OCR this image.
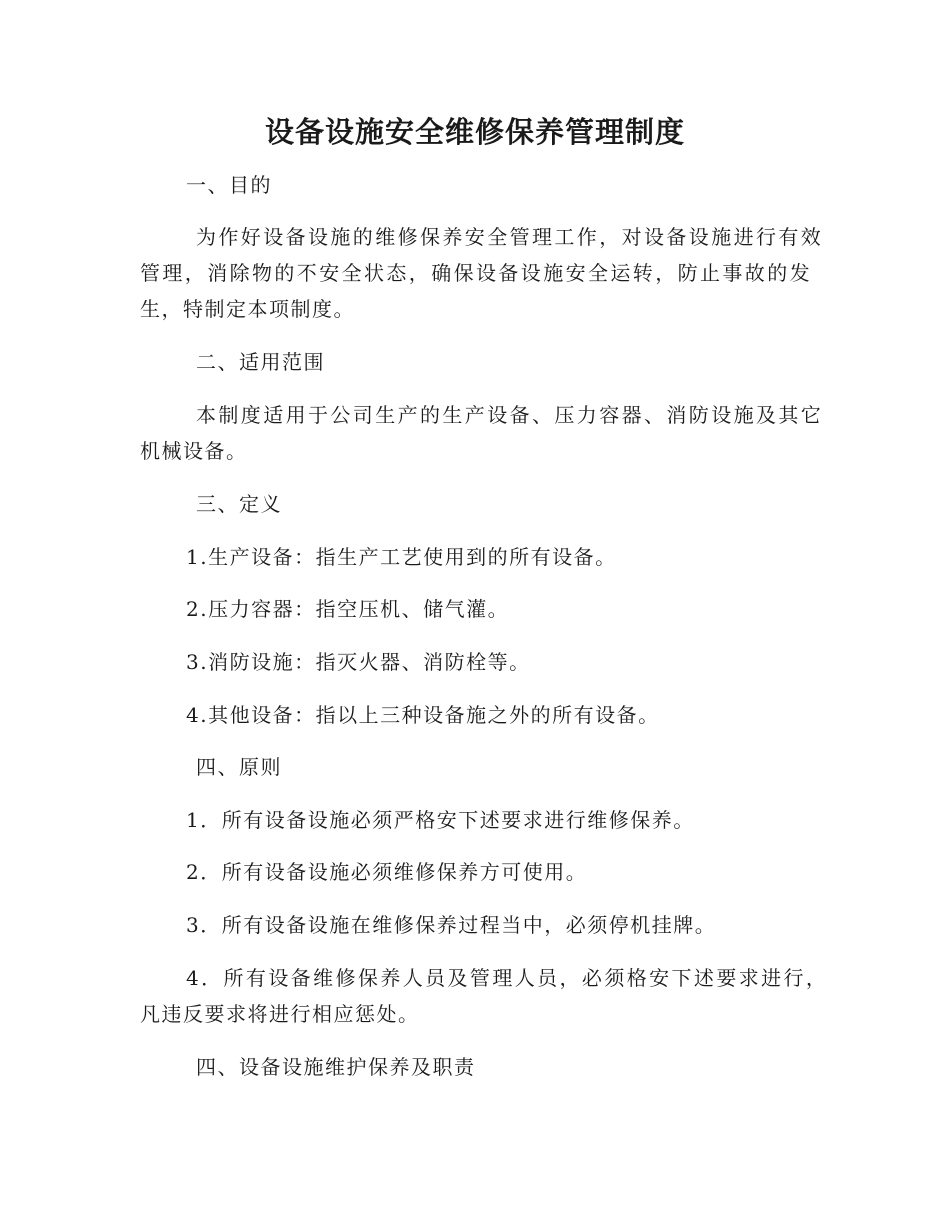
设备设施安全维修保养管理制度

一、目的

为作好设备设施的维修保养安全管理工作，对设备设施进行有效

管理，消除物的不安全状态，确保设备设施安全运转，防止事故的发

生，特制定本项制度。

二、适用范围

本制度适用于公司生产的生产设备、压力容器、消防设施及其它

机械设备。

三、定义

1.生产设备：指生产工艺使用到的所有设备。

2.压力容器：指空压机、储气灌。

3.消防设施：指灭火器、消防栓等。

4.其他设备：指以上三种设备施之外的所有设备。

四、原则

1．所有设备设施必须严格安下述要求进行维修保养。

2．所有设备设施必须维修保养方可使用。

3．所有设备设施在维修保养过程当中，必须停机挂牌。

4．所有设备维修保养人员及管理人员，必须格安下述要求进行，

凡违反要求将进行相应惩处。

四、设备设施维护保养及职责
